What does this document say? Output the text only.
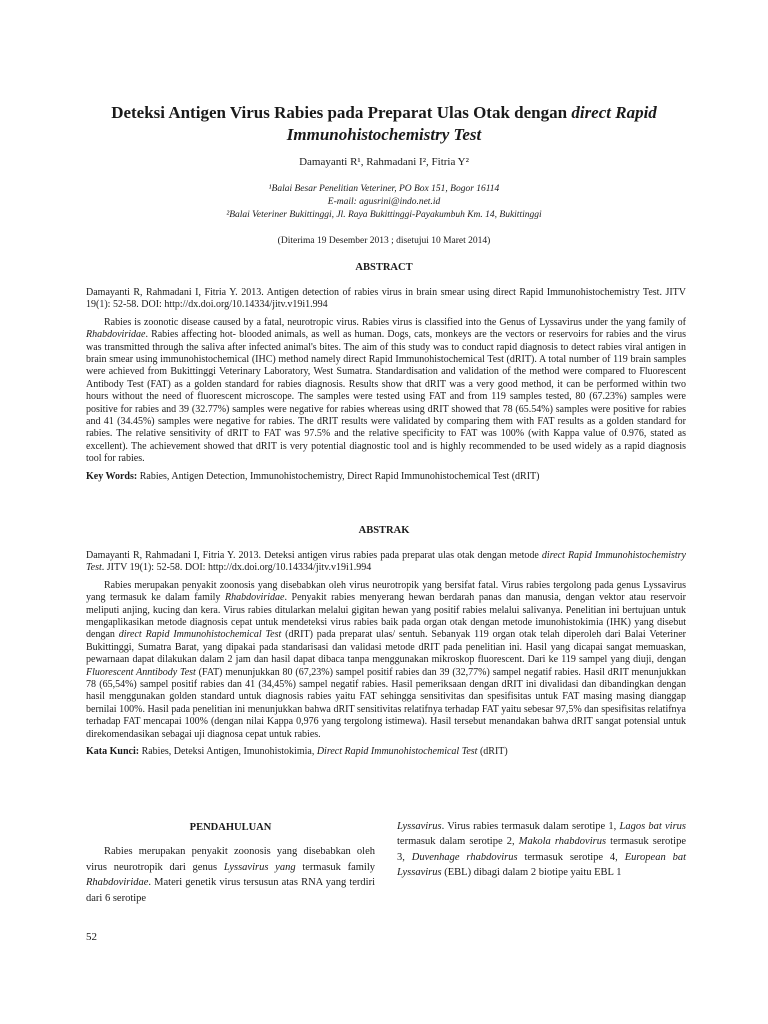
Deteksi Antigen Virus Rabies pada Preparat Ulas Otak dengan direct Rapid Immunohistochemistry Test
Damayanti R¹, Rahmadani I², Fitria Y²
¹Balai Besar Penelitian Veteriner, PO Box 151, Bogor 16114
E-mail: agusrini@indo.net.id
²Balai Veteriner Bukittinggi, Jl. Raya Bukittinggi-Payakumbuh Km. 14, Bukittinggi
(Diterima 19 Desember 2013 ; disetujui 10 Maret 2014)
ABSTRACT

Damayanti R, Rahmadani I, Fitria Y. 2013. Antigen detection of rabies virus in brain smear using direct Rapid Immunohistochemistry Test. JITV 19(1): 52-58. DOI: http://dx.doi.org/10.14334/jitv.v19i1.994

Rabies is zoonotic disease caused by a fatal, neurotropic virus. Rabies virus is classified into the Genus of Lyssavirus under the yang family of Rhabdoviridae. Rabies affecting hot- blooded animals, as well as human. Dogs, cats, monkeys are the vectors or reservoirs for rabies and the virus was transmitted through the saliva after infected animal's bites. The aim of this study was to conduct rapid diagnosis to detect rabies viral antigen in brain smear using immunohistochemical (IHC) method namely direct Rapid Immunohistochemical Test (dRIT). A total number of 119 brain samples were achieved from Bukittinggi Veterinary Laboratory, West Sumatra. Standardisation and validation of the method were compared to Fluorescent Antibody Test (FAT) as a golden standard for rabies diagnosis. Results show that dRIT was a very good method, it can be performed within two hours without the need of fluorescent microscope. The samples were tested using FAT and from 119 samples tested, 80 (67.23%) samples were positive for rabies and 39 (32.77%) samples were negative for rabies whereas using dRIT showed that 78 (65.54%) samples were positive for rabies and 41 (34.45%) samples were negative for rabies. The dRIT results were validated by comparing them with FAT results as a golden standard for rabies. The relative sensitivity of dRIT to FAT was 97.5% and the relative specificity to FAT was 100% (with Kappa value of 0.976, stated as excellent). The achievement showed that dRIT is very potential diagnostic tool and is highly recommended to be used widely as a rapid diagnosis tool for rabies.

Key Words: Rabies, Antigen Detection, Immunohistochemistry, Direct Rapid Immunohistochemical Test (dRIT)

ABSTRAK

Damayanti R, Rahmadani I, Fitria Y. 2013. Deteksi antigen virus rabies pada preparat ulas otak dengan metode direct Rapid Immunohistochemistry Test. JITV 19(1): 52-58. DOI: http://dx.doi.org/10.14334/jitv.v19i1.994

Rabies merupakan penyakit zoonosis yang disebabkan oleh virus neurotropik yang bersifat fatal. Virus rabies tergolong pada genus Lyssavirus yang termasuk ke dalam family Rhabdoviridae. Penyakit rabies menyerang hewan berdarah panas dan manusia, dengan vektor atau reservoir meliputi anjing, kucing dan kera. Virus rabies ditularkan melalui gigitan hewan yang positif rabies melalui salivanya. Penelitian ini bertujuan untuk mengaplikasikan metode diagnosis cepat untuk mendeteksi virus rabies baik pada organ otak dengan metode imunohistokimia (IHK) yang disebut dengan direct Rapid Immunohistochemical Test (dRIT) pada preparat ulas/ sentuh. Sebanyak 119 organ otak telah diperoleh dari Balai Veteriner Bukittinggi, Sumatra Barat, yang dipakai pada standarisasi dan validasi metode dRIT pada penelitian ini. Hasil yang dicapai sangat memuaskan, pewarnaan dapat dilakukan dalam 2 jam dan hasil dapat dibaca tanpa menggunakan mikroskop fluorescent. Dari ke 119 sampel yang diuji, dengan Fluorescent Anntibody Test (FAT) menunjukkan 80 (67,23%) sampel positif rabies dan 39 (32,77%) sampel negatif rabies. Hasil dRIT menunjukkan 78 (65,54%) sampel positif rabies dan 41 (34,45%) sampel negatif rabies. Hasil pemeriksaan dengan dRIT ini divalidasi dan dibandingkan dengan hasil menggunakan golden standard untuk diagnosis rabies yaitu FAT sehingga sensitivitas dan spesifisitas untuk FAT masing masing dianggap bernilai 100%. Hasil pada penelitian ini menunjukkan bahwa dRIT sensitivitas relatifnya terhadap FAT yaitu sebesar 97,5% dan spesifisitas relatifnya terhadap FAT mencapai 100% (dengan nilai Kappa 0,976 yang tergolong istimewa). Hasil tersebut menandakan bahwa dRIT sangat potensial untuk direkomendasikan sebagai uji diagnosa cepat untuk rabies.

Kata Kunci: Rabies, Deteksi Antigen, Imunohistokimia, Direct Rapid Immunohistochemical Test (dRIT)

PENDAHULUAN

Rabies merupakan penyakit zoonosis yang disebabkan oleh virus neurotropik dari genus Lyssavirus yang termasuk family Rhabdoviridae. Materi genetik virus tersusun atas RNA yang terdiri dari 6 serotipe

Lyssavirus. Virus rabies termasuk dalam serotipe 1, Lagos bat virus termasuk dalam serotipe 2, Makola rhabdovirus termasuk serotipe 3, Duvenhage rhabdovirus termasuk serotipe 4, European bat Lyssavirus (EBL) dibagi dalam 2 biotipe yaitu EBL 1

52
